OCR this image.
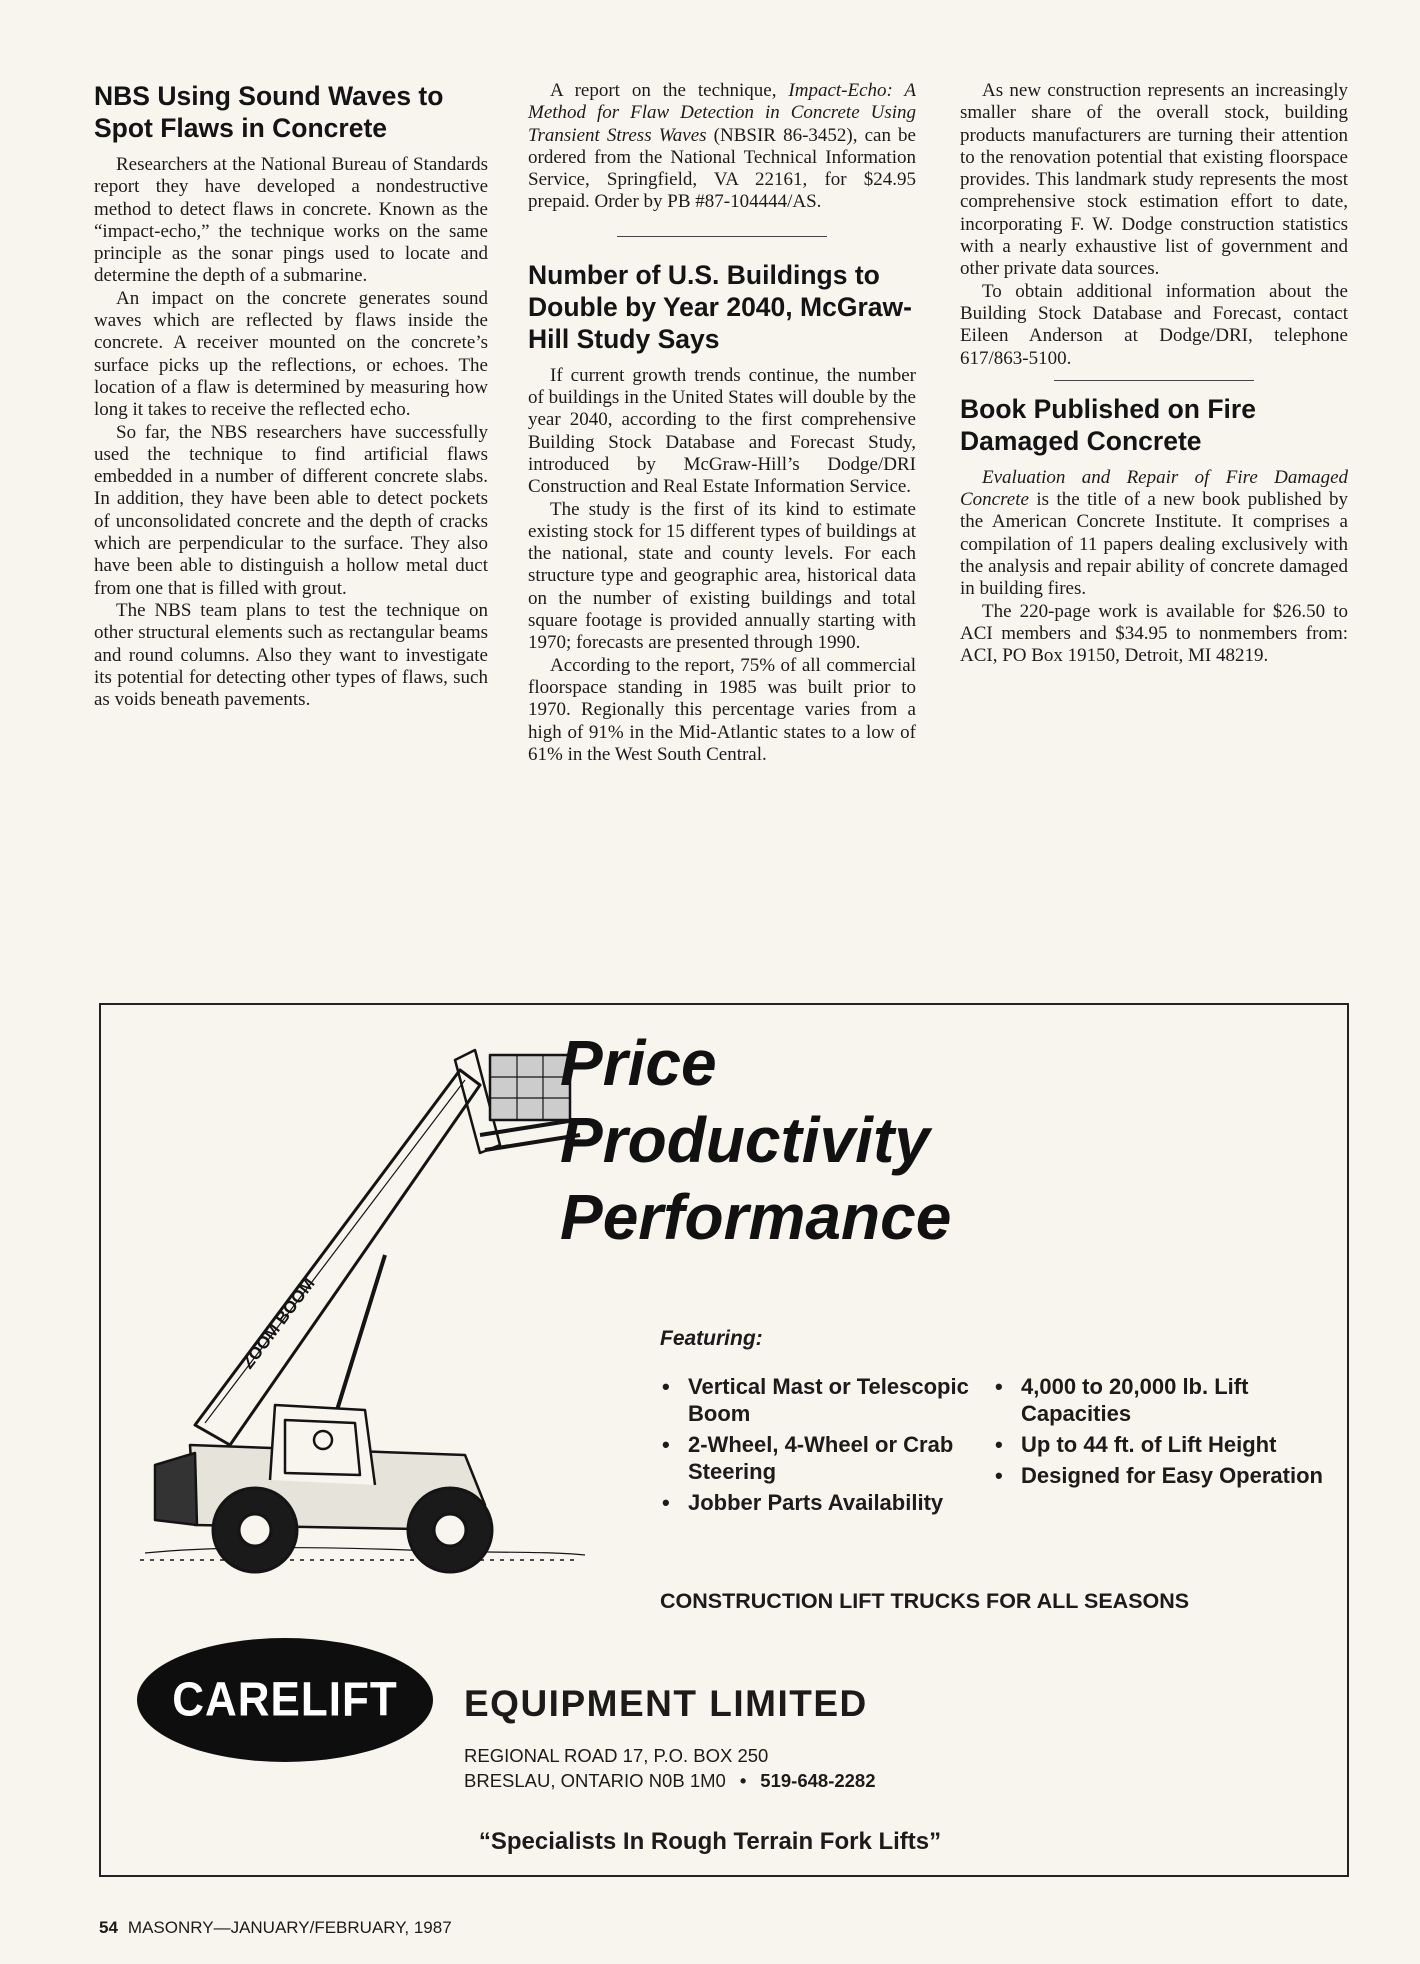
NBS Using Sound Waves to Spot Flaws in Concrete

Researchers at the National Bureau of Standards report they have developed a nondestructive method to detect flaws in concrete. Known as the “impact-echo,” the technique works on the same principle as the sonar pings used to locate and determine the depth of a submarine.

An impact on the concrete generates sound waves which are reflected by flaws inside the concrete. A receiver mounted on the concrete’s surface picks up the reflections, or echoes. The location of a flaw is determined by measuring how long it takes to receive the reflected echo.

So far, the NBS researchers have successfully used the technique to find artificial flaws embedded in a number of different concrete slabs. In addition, they have been able to detect pockets of unconsolidated concrete and the depth of cracks which are perpendicular to the surface. They also have been able to distinguish a hollow metal duct from one that is filled with grout.

The NBS team plans to test the technique on other structural elements such as rectangular beams and round columns. Also they want to investigate its potential for detecting other types of flaws, such as voids beneath pavements.

A report on the technique, Impact-Echo: A Method for Flaw Detection in Concrete Using Transient Stress Waves (NBSIR 86-3452), can be ordered from the National Technical Information Service, Springfield, VA 22161, for $24.95 prepaid. Order by PB #87-104444/AS.

Number of U.S. Buildings to Double by Year 2040, McGraw-Hill Study Says

If current growth trends continue, the number of buildings in the United States will double by the year 2040, according to the first comprehensive Building Stock Database and Forecast Study, introduced by McGraw-Hill’s Dodge/DRI Construction and Real Estate Information Service.

The study is the first of its kind to estimate existing stock for 15 different types of buildings at the national, state and county levels. For each structure type and geographic area, historical data on the number of existing buildings and total square footage is provided annually starting with 1970; forecasts are presented through 1990.

According to the report, 75% of all commercial floorspace standing in 1985 was built prior to 1970. Regionally this percentage varies from a high of 91% in the Mid-Atlantic states to a low of 61% in the West South Central.

As new construction represents an increasingly smaller share of the overall stock, building products manufacturers are turning their attention to the renovation potential that existing floorspace provides. This landmark study represents the most comprehensive stock estimation effort to date, incorporating F. W. Dodge construction statistics with a nearly exhaustive list of government and other private data sources.

To obtain additional information about the Building Stock Database and Forecast, contact Eileen Anderson at Dodge/DRI, telephone 617/863-5100.

Book Published on Fire Damaged Concrete

Evaluation and Repair of Fire Damaged Concrete is the title of a new book published by the American Concrete Institute. It comprises a compilation of 11 papers dealing exclusively with the analysis and repair ability of concrete damaged in building fires.

The 220-page work is available for $26.50 to ACI members and $34.95 to nonmembers from: ACI, PO Box 19150, Detroit, MI 48219.

ZOOM BOOM
Price
Productivity
Performance
Featuring:
• Vertical Mast or Telescopic Boom
• 2-Wheel, 4-Wheel or Crab Steering
• Jobber Parts Availability
• 4,000 to 20,000 lb. Lift Capacities
• Up to 44 ft. of Lift Height
• Designed for Easy Operation
CONSTRUCTION LIFT TRUCKS FOR ALL SEASONS
CARELIFT EQUIPMENT LIMITED
REGIONAL ROAD 17, P.O. BOX 250
BRESLAU, ONTARIO N0B 1M0 • 519-648-2282
“Specialists In Rough Terrain Fork Lifts”
54 MASONRY—JANUARY/FEBRUARY, 1987
